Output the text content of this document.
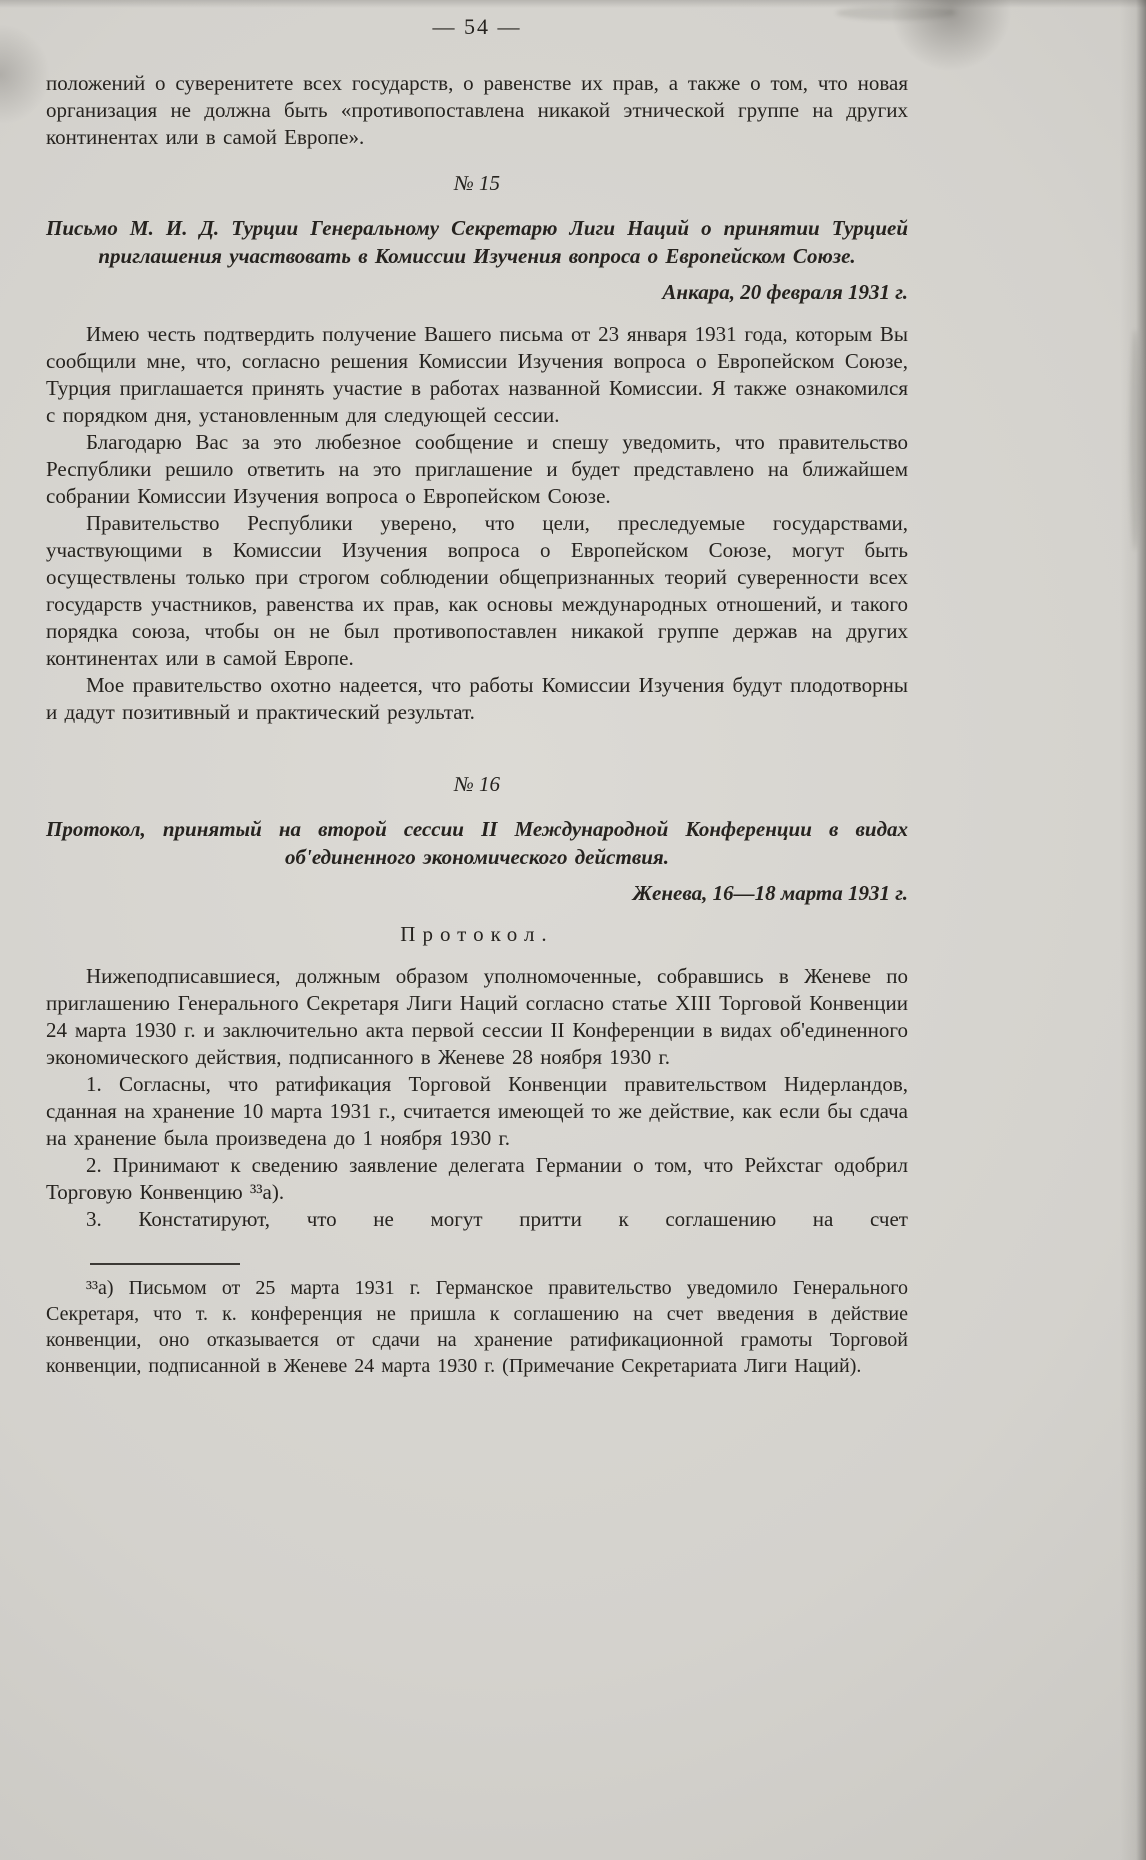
— 54 —

положений о суверенитете всех государств, о равенстве их прав, а также о том, что новая организация не должна быть «противопоставлена никакой этнической группе на других континентах или в самой Европе».

№ 15
Письмо М. И. Д. Турции Генеральному Секретарю Лиги Наций о принятии Турцией приглашения участвовать в Комиссии Изучения вопроса о Европейском Союзе.
Анкара, 20 февраля 1931 г.

Имею честь подтвердить получение Вашего письма от 23 января 1931 года, которым Вы сообщили мне, что, согласно решения Комиссии Изучения вопроса о Европейском Союзе, Турция приглашается принять участие в работах названной Комиссии. Я также ознакомился с порядком дня, установленным для следующей сессии.

Благодарю Вас за это любезное сообщение и спешу уведомить, что правительство Республики решило ответить на это приглашение и будет представлено на ближайшем собрании Комиссии Изучения вопроса о Европейском Союзе.

Правительство Республики уверено, что цели, преследуемые государствами, участвующими в Комиссии Изучения вопроса о Европейском Союзе, могут быть осуществлены только при строгом соблюдении общепризнанных теорий суверенности всех государств участников, равенства их прав, как основы международных отношений, и такого порядка союза, чтобы он не был противопоставлен никакой группе держав на других континентах или в самой Европе.

Мое правительство охотно надеется, что работы Комиссии Изучения будут плодотворны и дадут позитивный и практический результат.

№ 16
Протокол, принятый на второй сессии II Международной Конференции в видах об'единенного экономического действия.
Женева, 16—18 марта 1931 г.
Протокол.

Нижеподписавшиеся, должным образом уполномоченные, собравшись в Женеве по приглашению Генерального Секретаря Лиги Наций согласно статье XIII Торговой Конвенции 24 марта 1930 г. и заключительно акта первой сессии II Конференции в видах об'единенного экономического действия, подписанного в Женеве 28 ноября 1930 г.

1. Согласны, что ратификация Торговой Конвенции правительством Нидерландов, сданная на хранение 10 марта 1931 г., считается имеющей то же действие, как если бы сдача на хранение была произведена до 1 ноября 1930 г.

2. Принимают к сведению заявление делегата Германии о том, что Рейхстаг одобрил Торговую Конвенцию ³³а).

3. Констатируют, что не могут притти к соглашению на счет

³³а) Письмом от 25 марта 1931 г. Германское правительство уведомило Генерального Секретаря, что т. к. конференция не пришла к соглашению на счет введения в действие конвенции, оно отказывается от сдачи на хранение ратификационной грамоты Торговой конвенции, подписанной в Женеве 24 марта 1930 г. (Примечание Секретариата Лиги Наций).
